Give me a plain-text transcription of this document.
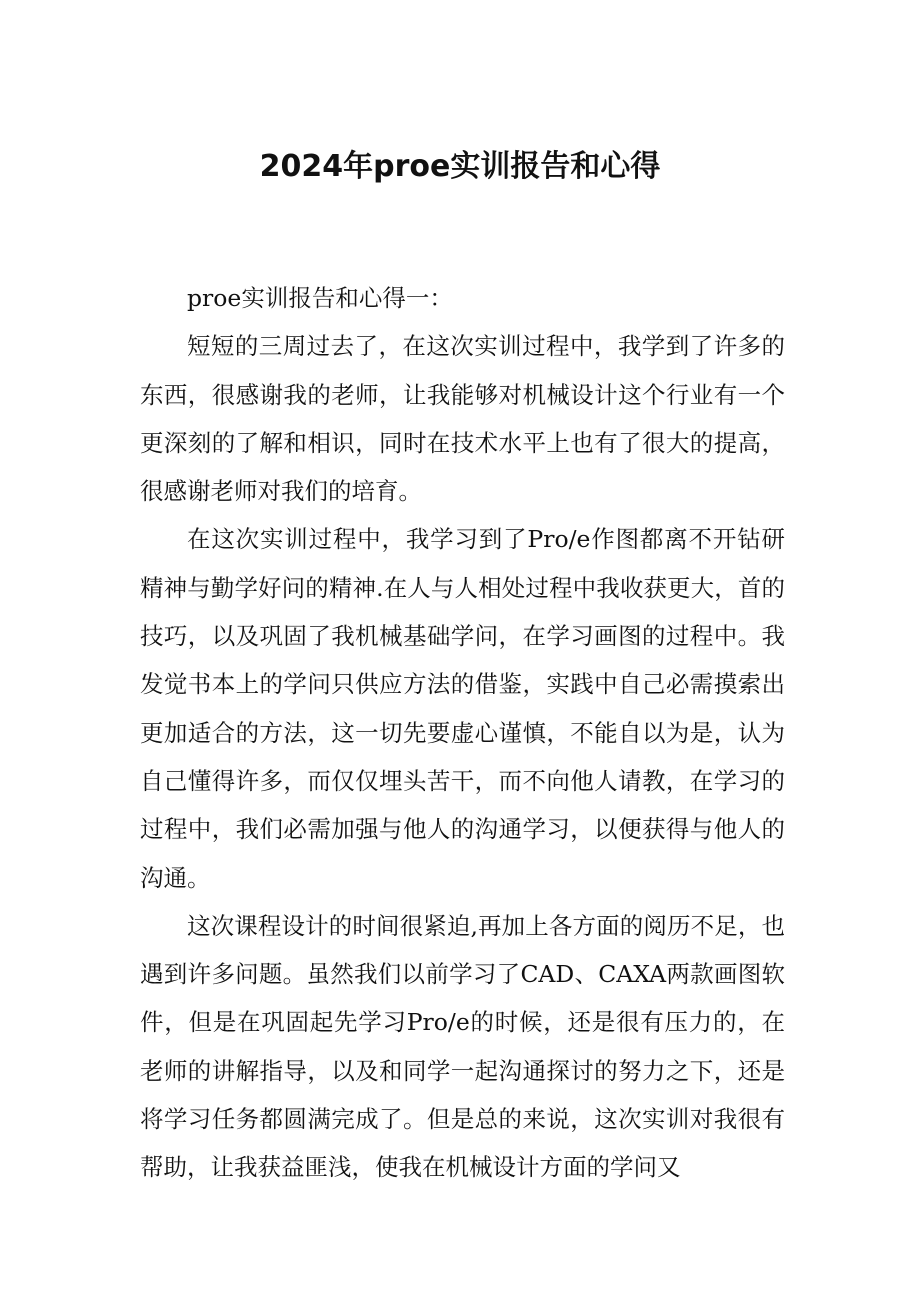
2024年proe实训报告和心得

proe实训报告和心得一：

短短的三周过去了，在这次实训过程中，我学到了许多的东西，很感谢我的老师，让我能够对机械设计这个行业有一个更深刻的了解和相识，同时在技术水平上也有了很大的提高，很感谢老师对我们的培育。

在这次实训过程中，我学习到了Pro/e作图都离不开钻研精神与勤学好问的精神.在人与人相处过程中我收获更大，首的技巧，以及巩固了我机械基础学问，在学习画图的过程中。我发觉书本上的学问只供应方法的借鉴，实践中自己必需摸索出更加适合的方法，这一切先要虚心谨慎，不能自以为是，认为自己懂得许多，而仅仅埋头苦干，而不向他人请教，在学习的过程中，我们必需加强与他人的沟通学习，以便获得与他人的沟通。

这次课程设计的时间很紧迫,再加上各方面的阅历不足，也遇到许多问题。虽然我们以前学习了CAD、CAXA两款画图软件，但是在巩固起先学习Pro/e的时候，还是很有压力的，在老师的讲解指导，以及和同学一起沟通探讨的努力之下，还是将学习任务都圆满完成了。但是总的来说，这次实训对我很有帮助，让我获益匪浅，使我在机械设计方面的学问又
